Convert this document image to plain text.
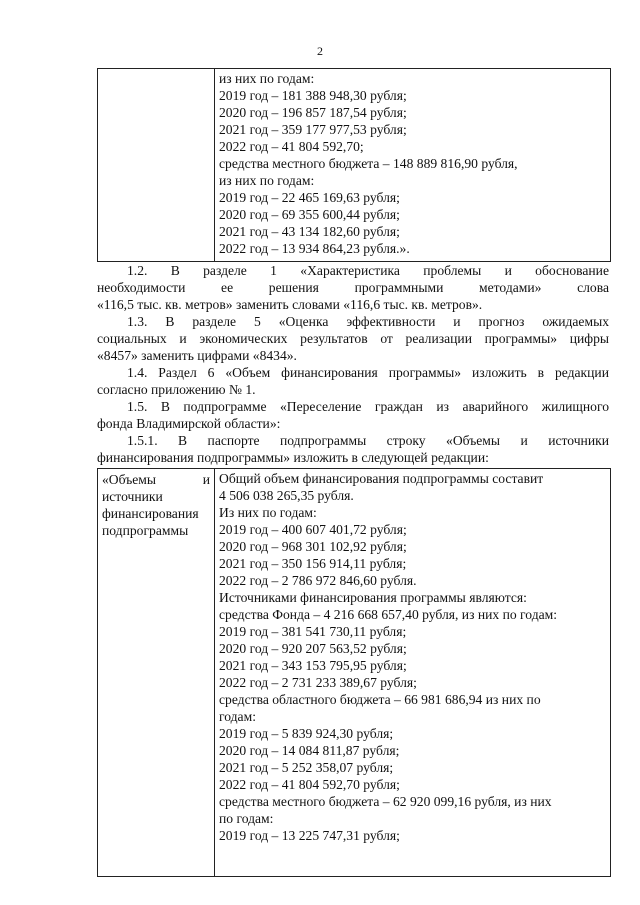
2
из них по годам:
2019 год – 181 388 948,30 рубля;
2020 год – 196 857 187,54 рубля;
2021 год – 359 177 977,53 рубля;
2022 год – 41 804 592,70;
средства местного бюджета – 148 889 816,90 рубля,
из них по годам:
2019 год – 22 465 169,63 рубля;
2020 год – 69 355 600,44 рубля;
2021 год – 43 134 182,60 рубля;
2022 год – 13 934 864,23 рубля.».
1.2. В разделе 1 «Характеристика проблемы и обоснование
необходимости ее решения программными методами» слова
«116,5 тыс. кв. метров» заменить словами «116,6 тыс. кв. метров».
1.3. В разделе 5 «Оценка эффективности и прогноз ожидаемых
социальных и экономических результатов от реализации программы» цифры
«8457» заменить цифрами «8434».
1.4. Раздел 6 «Объем финансирования программы» изложить в редакции
согласно приложению № 1.
1.5. В подпрограмме «Переселение граждан из аварийного жилищного
фонда Владимирской области»:
1.5.1. В паспорте подпрограммы строку «Объемы и источники
финансирования подпрограммы» изложить в следующей редакции:
«Объемы	и
источники
финансирования
подпрограммы
Общий объем финансирования подпрограммы составит
4 506 038 265,35 рубля.
Из них по годам:
2019 год – 400 607 401,72 рубля;
2020 год – 968 301 102,92 рубля;
2021 год – 350 156 914,11 рубля;
2022 год – 2 786 972 846,60 рубля.
Источниками финансирования программы являются:
средства Фонда – 4 216 668 657,40 рубля, из них по годам:
2019 год – 381 541 730,11 рубля;
2020 год – 920 207 563,52 рубля;
2021 год – 343 153 795,95 рубля;
2022 год – 2 731 233 389,67 рубля;
средства областного бюджета – 66 981 686,94 из них по
годам:
2019 год – 5 839 924,30 рубля;
2020 год – 14 084 811,87 рубля;
2021 год – 5 252 358,07 рубля;
2022 год – 41 804 592,70 рубля;
средства местного бюджета – 62 920 099,16 рубля, из них
по годам:
2019 год – 13 225 747,31 рубля;
